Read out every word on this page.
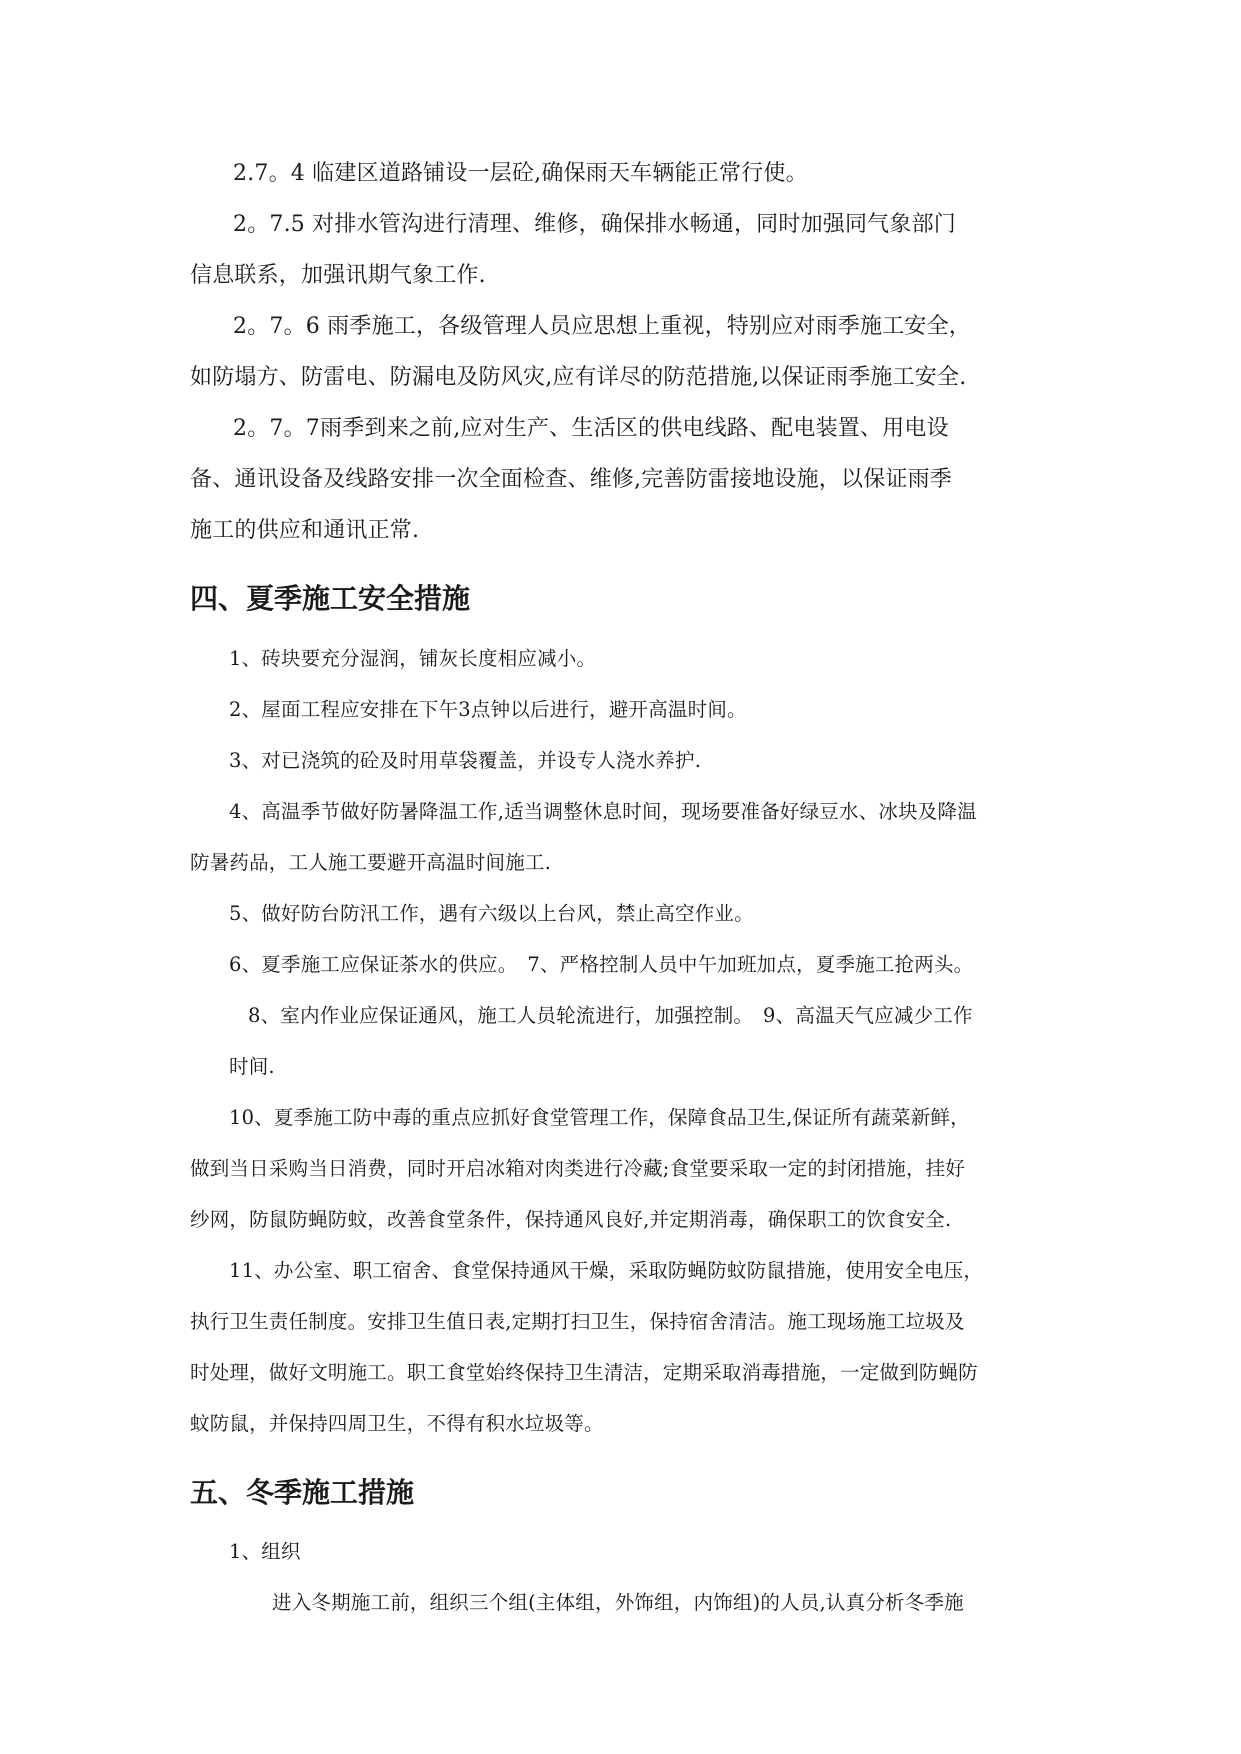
2.7。4 临建区道路铺设一层砼,确保雨天车辆能正常行使。
2。7.5 对排水管沟进行清理、维修，确保排水畅通，同时加强同气象部门
信息联系，加强讯期气象工作.
2。7。6 雨季施工，各级管理人员应思想上重视，特别应对雨季施工安全，
如防塌方、防雷电、防漏电及防风灾,应有详尽的防范措施,以保证雨季施工安全.
2。7。7雨季到来之前,应对生产、生活区的供电线路、配电装置、用电设
备、通讯设备及线路安排一次全面检查、维修,完善防雷接地设施，以保证雨季
施工的供应和通讯正常.
四、夏季施工安全措施
1、砖块要充分湿润，铺灰长度相应减小。
2、屋面工程应安排在下午3点钟以后进行，避开高温时间。
3、对已浇筑的砼及时用草袋覆盖，并设专人浇水养护.
4、高温季节做好防暑降温工作,适当调整休息时间，现场要准备好绿豆水、冰块及降温
防暑药品，工人施工要避开高温时间施工.
5、做好防台防汛工作，遇有六级以上台风，禁止高空作业。
6、夏季施工应保证茶水的供应。　7、严格控制人员中午加班加点，夏季施工抢两头。
8、室内作业应保证通风，施工人员轮流进行，加强控制。　9、高温天气应减少工作
时间.
10、夏季施工防中毒的重点应抓好食堂管理工作，保障食品卫生,保证所有蔬菜新鲜，
做到当日采购当日消费，同时开启冰箱对肉类进行冷藏;食堂要采取一定的封闭措施，挂好
纱网，防鼠防蝇防蚊，改善食堂条件，保持通风良好,并定期消毒，确保职工的饮食安全.
11、办公室、职工宿舍、食堂保持通风干燥，采取防蝇防蚊防鼠措施，使用安全电压，
执行卫生责任制度。安排卫生值日表,定期打扫卫生，保持宿舍清洁。施工现场施工垃圾及
时处理，做好文明施工。职工食堂始终保持卫生清洁，定期采取消毒措施，一定做到防蝇防
蚊防鼠，并保持四周卫生，不得有积水垃圾等。
五、冬季施工措施
1、组织
进入冬期施工前，组织三个组(主体组，外饰组，内饰组)的人员,认真分析冬季施
